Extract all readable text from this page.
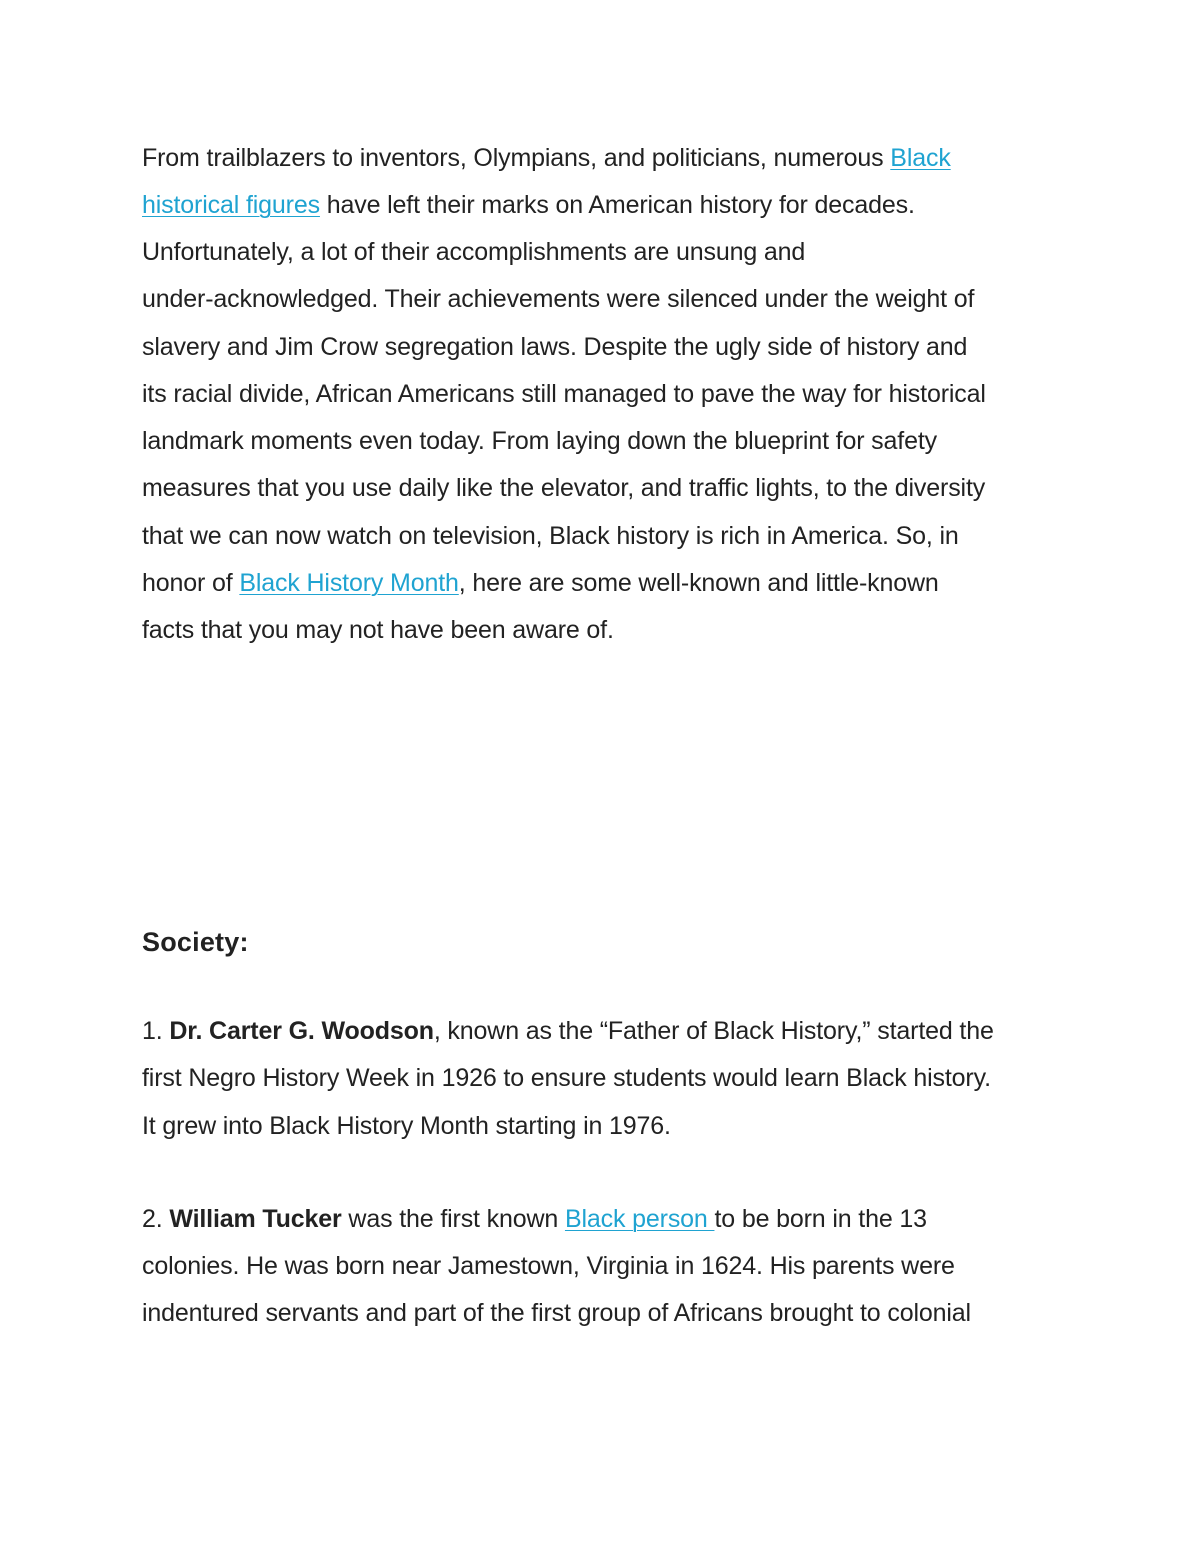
From trailblazers to inventors, Olympians, and politicians, numerous Black
historical figures have left their marks on American history for decades.
Unfortunately, a lot of their accomplishments are unsung and
under-acknowledged. Their achievements were silenced under the weight of
slavery and Jim Crow segregation laws. Despite the ugly side of history and
its racial divide, African Americans still managed to pave the way for historical
landmark moments even today. From laying down the blueprint for safety
measures that you use daily like the elevator, and traffic lights, to the diversity
that we can now watch on television, Black history is rich in America. So, in
honor of Black History Month, here are some well-known and little-known
facts that you may not have been aware of.
Society:
1. Dr. Carter G. Woodson, known as the “Father of Black History,” started the
first Negro History Week in 1926 to ensure students would learn Black history.
It grew into Black History Month starting in 1976.
2. William Tucker was the first known Black person to be born in the 13
colonies. He was born near Jamestown, Virginia in 1624. His parents were
indentured servants and part of the first group of Africans brought to colonial
